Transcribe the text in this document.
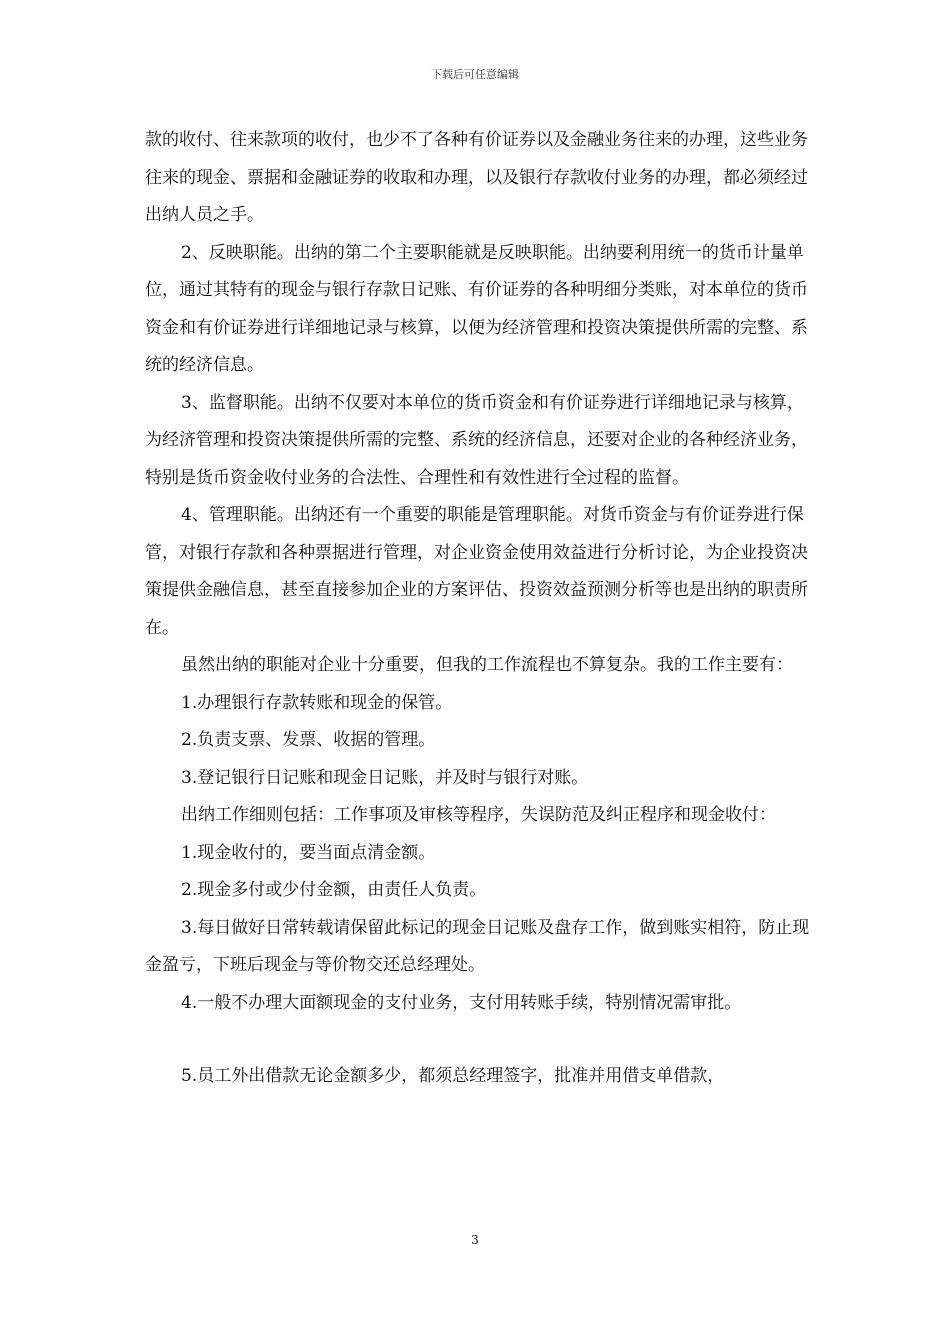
下载后可任意编辑

款的收付、往来款项的收付，也少不了各种有价证券以及金融业务往来的办理，这些业务往来的现金、票据和金融证券的收取和办理，以及银行存款收付业务的办理，都必须经过出纳人员之手。

2、反映职能。出纳的第二个主要职能就是反映职能。出纳要利用统一的货币计量单位，通过其特有的现金与银行存款日记账、有价证券的各种明细分类账，对本单位的货币资金和有价证券进行详细地记录与核算，以便为经济管理和投资决策提供所需的完整、系统的经济信息。

3、监督职能。出纳不仅要对本单位的货币资金和有价证券进行详细地记录与核算，为经济管理和投资决策提供所需的完整、系统的经济信息，还要对企业的各种经济业务，特别是货币资金收付业务的合法性、合理性和有效性进行全过程的监督。

4、管理职能。出纳还有一个重要的职能是管理职能。对货币资金与有价证券进行保管，对银行存款和各种票据进行管理，对企业资金使用效益进行分析讨论，为企业投资决策提供金融信息，甚至直接参加企业的方案评估、投资效益预测分析等也是出纳的职责所在。

虽然出纳的职能对企业十分重要，但我的工作流程也不算复杂。我的工作主要有：

1.办理银行存款转账和现金的保管。

2.负责支票、发票、收据的管理。

3.登记银行日记账和现金日记账，并及时与银行对账。

出纳工作细则包括：工作事项及审核等程序，失误防范及纠正程序和现金收付：

1.现金收付的，要当面点清金额。

2.现金多付或少付金额，由责任人负责。

3.每日做好日常转载请保留此标记的现金日记账及盘存工作，做到账实相符，防止现金盈亏，下班后现金与等价物交还总经理处。

4.一般不办理大面额现金的支付业务，支付用转账手续，特别情况需审批。

5.员工外出借款无论金额多少，都须总经理签字，批准并用借支单借款，

3
